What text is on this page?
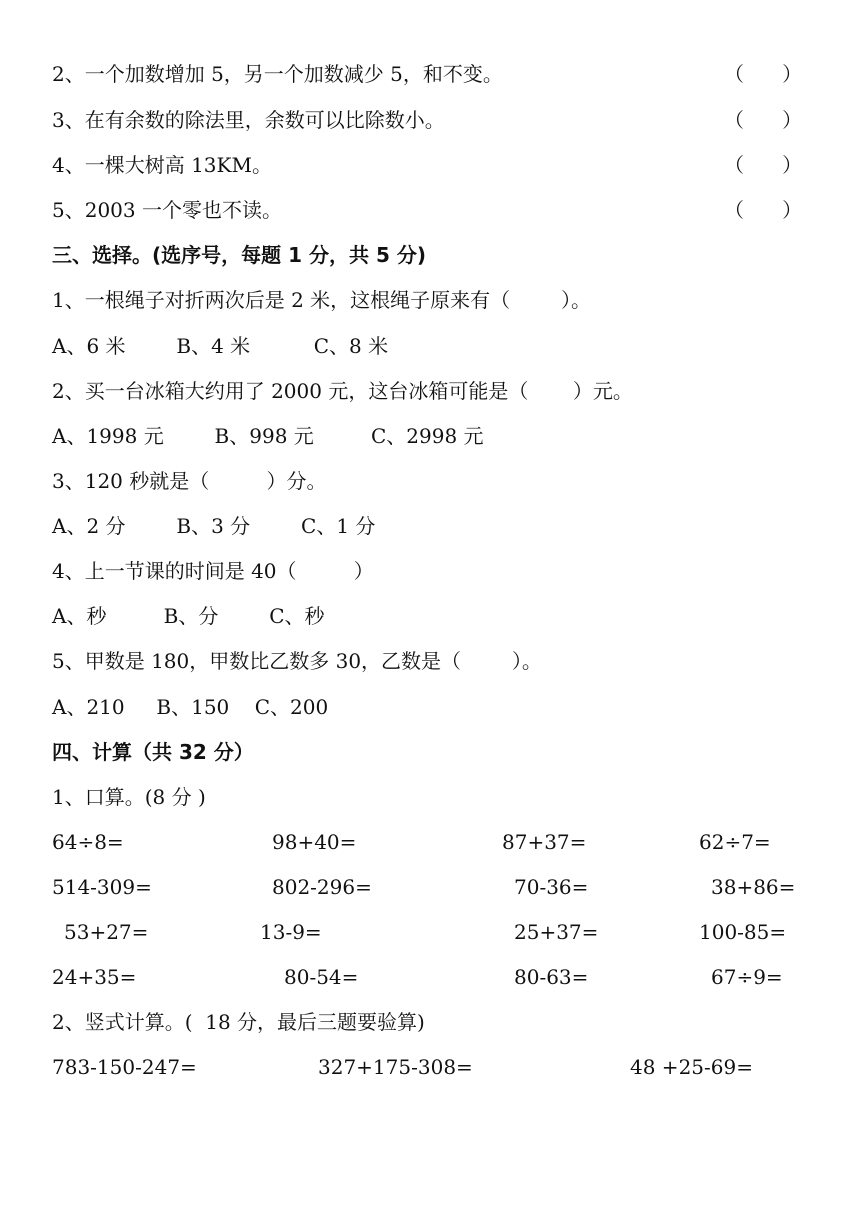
2、一个加数增加 5，另一个加数减少 5，和不变。	（      ）
3、在有余数的除法里，余数可以比除数小。	（      ）
4、一棵大树高 13KM。	（      ）
5、2003 一个零也不读。	（      ）
三、选择。(选序号，每题 1 分，共 5 分)
1、一根绳子对折两次后是 2 米，这根绳子原来有（        ）。
A、6 米        B、4 米          C、8 米
2、买一台冰箱大约用了 2000 元，这台冰箱可能是（       ）元。
A、1998 元        B、998 元         C、2998 元
3、120 秒就是（         ）分。
A、2 分        B、3 分        C、1 分
4、上一节课的时间是 40（         ）
A、秒         B、分        C、秒
5、甲数是 180，甲数比乙数多 30，乙数是（        ）。
A、210     B、150    C、200
四、计算（共 32 分）
1、口算。(8 分 )
64÷8=	98+40=	87+37=	62÷7=
514-309=	802-296=	70-36=	38+86=
53+27=	13-9=	25+37=	100-85=
24+35=	80-54=	80-63=	67÷9=
2、竖式计算。(  18 分，最后三题要验算)
783-150-247=	327+175-308=	48 +25-69=
